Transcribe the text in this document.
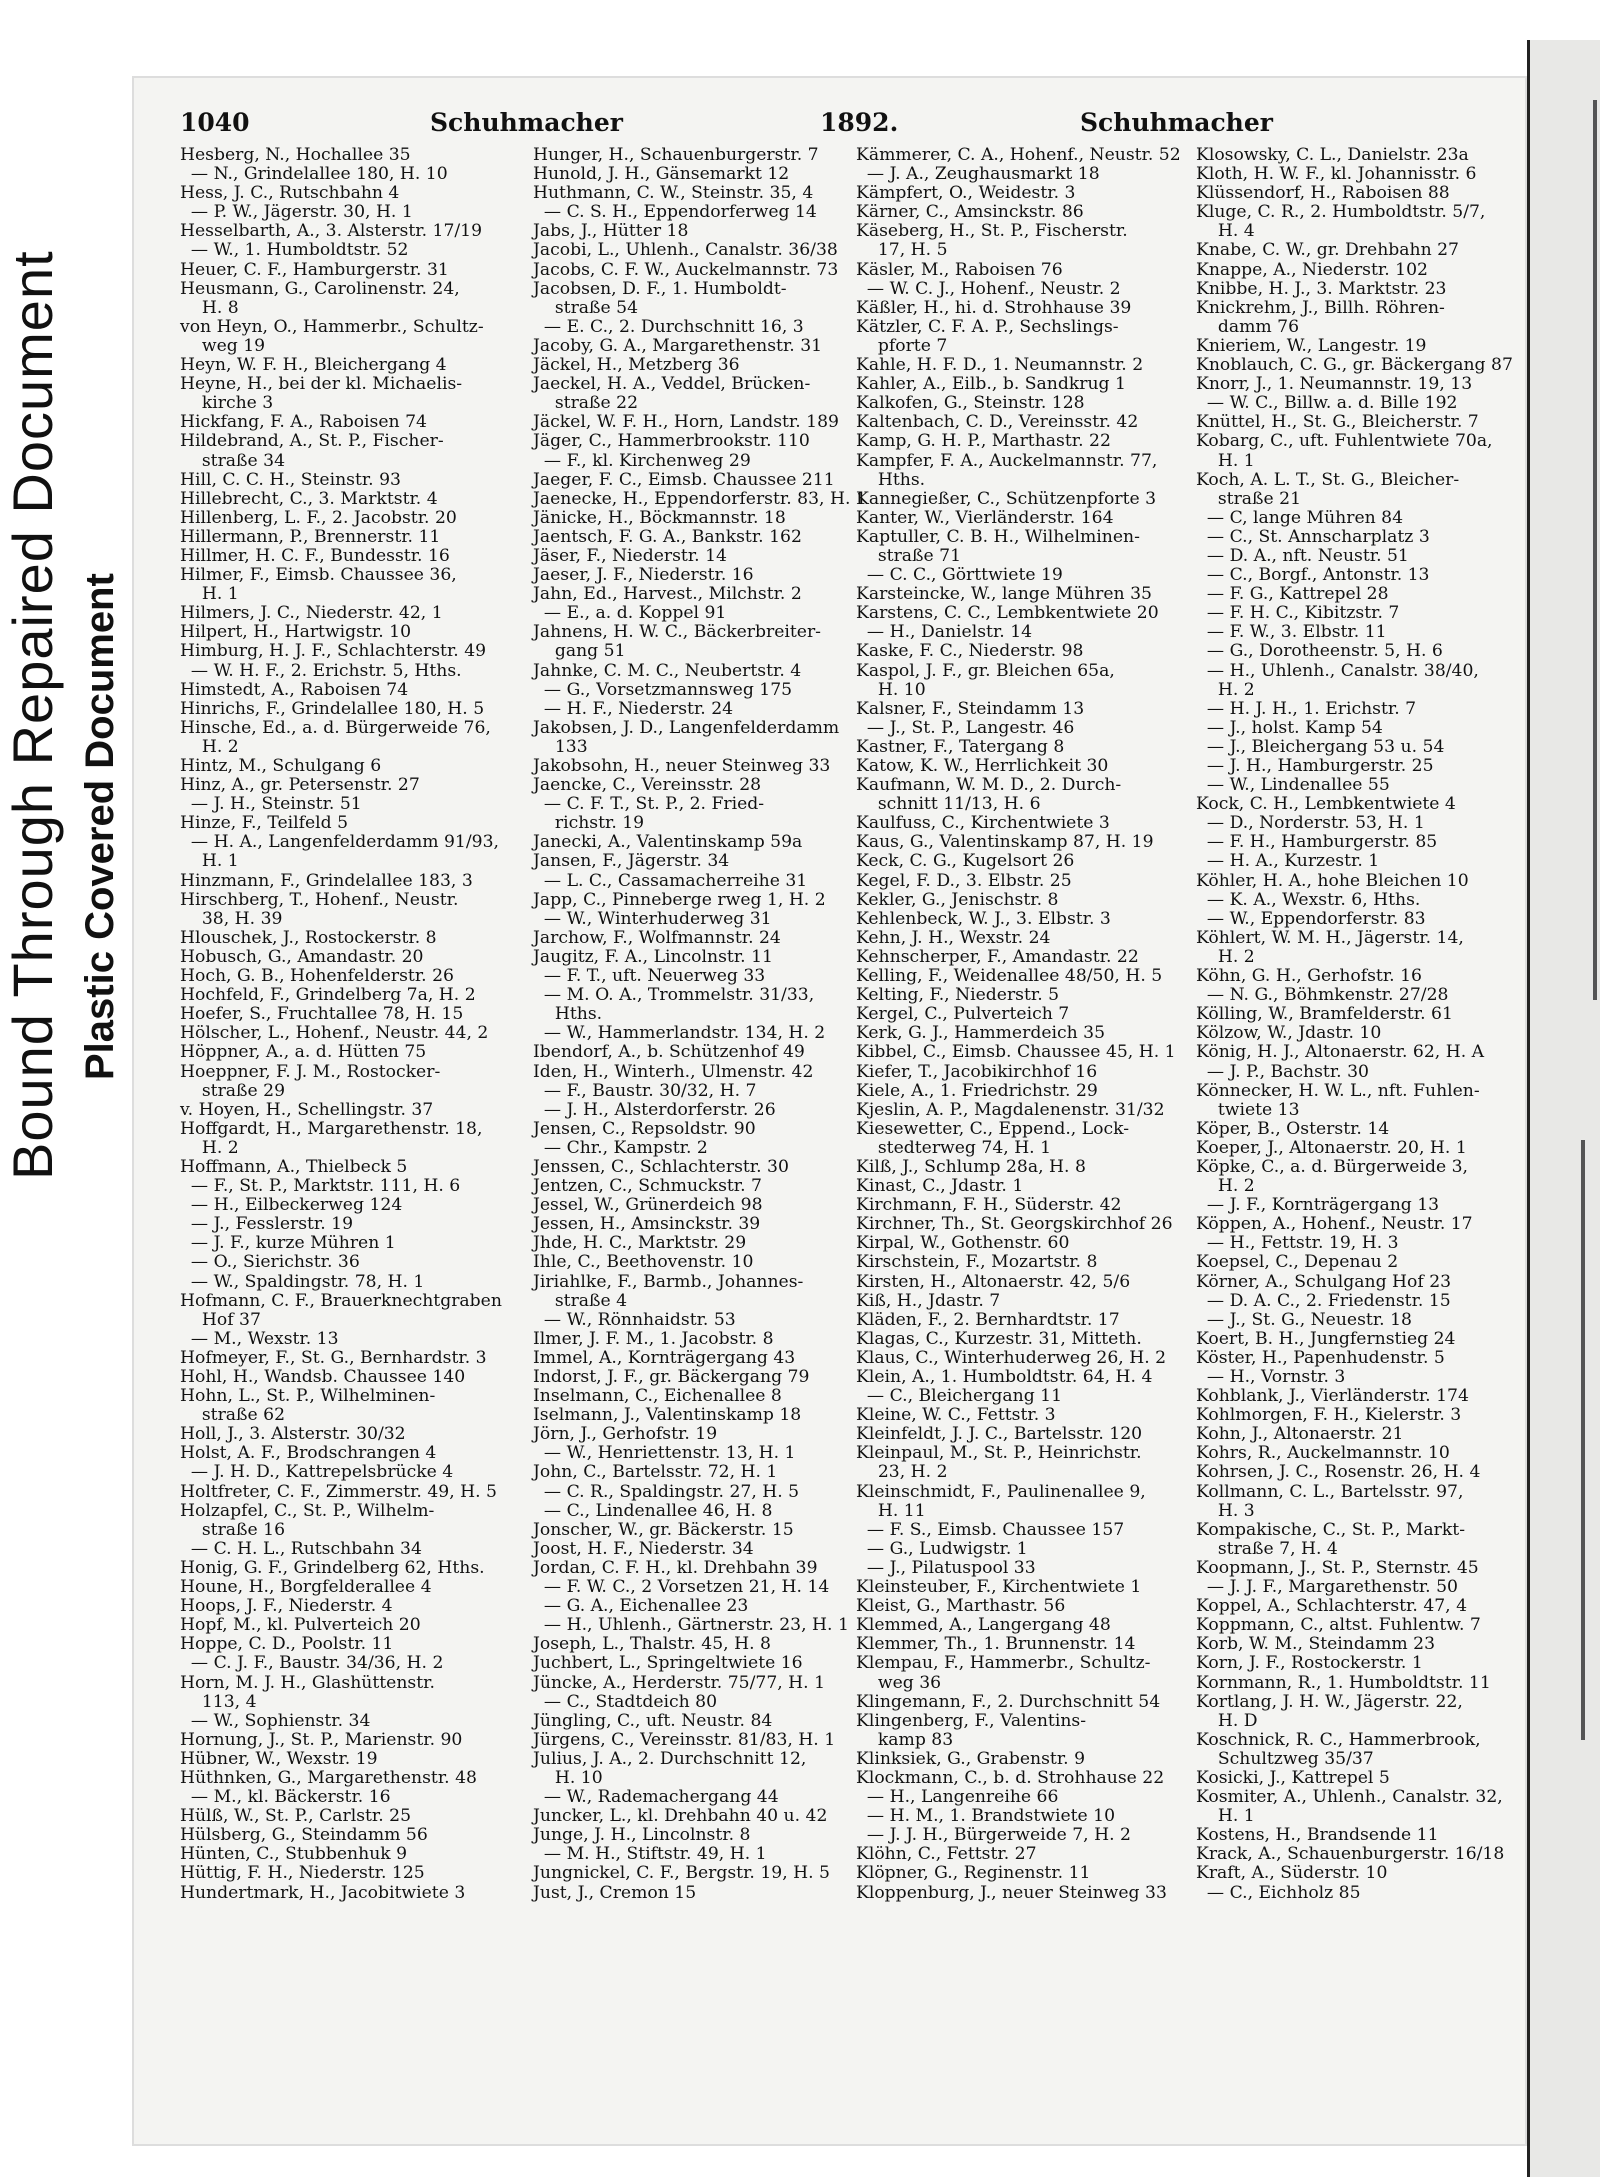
Bound Through Repaired Document Plastic Covered Document
1040	Schuhmacher	1892.	Schuhmacher
Hesberg, N., Hochallee 35
— N., Grindelallee 180, H. 10
Hess, J. C., Rutschbahn 4
— P. W., Jägerstr. 30, H. 1
Hesselbarth, A., 3. Alsterstr. 17/19
— W., 1. Humboldtstr. 52
Heuer, C. F., Hamburgerstr. 31
Heusmann, G., Carolinenstr. 24,
H. 8
von Heyn, O., Hammerbr., Schultz-
weg 19
Heyn, W. F. H., Bleichergang 4
Heyne, H., bei der kl. Michaelis-
kirche 3
Hickfang, F. A., Raboisen 74
Hildebrand, A., St. P., Fischer-
straße 34
Hill, C. C. H., Steinstr. 93
Hillebrecht, C., 3. Marktstr. 4
Hillenberg, L. F., 2. Jacobstr. 20
Hillermann, P., Brennerstr. 11
Hillmer, H. C. F., Bundesstr. 16
Hilmer, F., Eimsb. Chaussee 36,
H. 1
Hilmers, J. C., Niederstr. 42, 1
Hilpert, H., Hartwigstr. 10
Himburg, H. J. F., Schlachterstr. 49
— W. H. F., 2. Erichstr. 5, Hths.
Himstedt, A., Raboisen 74
Hinrichs, F., Grindelallee 180, H. 5
Hinsche, Ed., a. d. Bürgerweide 76,
H. 2
Hintz, M., Schulgang 6
Hinz, A., gr. Petersenstr. 27
— J. H., Steinstr. 51
Hinze, F., Teilfeld 5
— H. A., Langenfelderdamm 91/93,
H. 1
Hinzmann, F., Grindelallee 183, 3
Hirschberg, T., Hohenf., Neustr.
38, H. 39
Hlouschek, J., Rostockerstr. 8
Hobusch, G., Amandastr. 20
Hoch, G. B., Hohenfelderstr. 26
Hochfeld, F., Grindelberg 7a, H. 2
Hoefer, S., Fruchtallee 78, H. 15
Hölscher, L., Hohenf., Neustr. 44, 2
Höppner, A., a. d. Hütten 75
Hoeppner, F. J. M., Rostocker-
straße 29
v. Hoyen, H., Schellingstr. 37
Hoffgardt, H., Margarethenstr. 18,
H. 2
Hoffmann, A., Thielbeck 5
— F., St. P., Marktstr. 111, H. 6
— H., Eilbeckerweg 124
— J., Fesslerstr. 19
— J. F., kurze Mühren 1
— O., Sierichstr. 36
— W., Spaldingstr. 78, H. 1
Hofmann, C. F., Brauerknechtgraben
Hof 37
— M., Wexstr. 13
Hofmeyer, F., St. G., Bernhardstr. 3
Hohl, H., Wandsb. Chaussee 140
Hohn, L., St. P., Wilhelminen-
straße 62
Holl, J., 3. Alsterstr. 30/32
Holst, A. F., Brodschrangen 4
— J. H. D., Kattrepelsbrücke 4
Holtfreter, C. F., Zimmerstr. 49, H. 5
Holzapfel, C., St. P., Wilhelm-
straße 16
— C. H. L., Rutschbahn 34
Honig, G. F., Grindelberg 62, Hths.
Houne, H., Borgfelderallee 4
Hoops, J. F., Niederstr. 4
Hopf, M., kl. Pulverteich 20
Hoppe, C. D., Poolstr. 11
— C. J. F., Baustr. 34/36, H. 2
Horn, M. J. H., Glashüttenstr.
113, 4
— W., Sophienstr. 34
Hornung, J., St. P., Marienstr. 90
Hübner, W., Wexstr. 19
Hüthnken, G., Margarethenstr. 48
— M., kl. Bäckerstr. 16
Hülß, W., St. P., Carlstr. 25
Hülsberg, G., Steindamm 56
Hünten, C., Stubbenhuk 9
Hüttig, F. H., Niederstr. 125
Hundertmark, H., Jacobitwiete 3
Hunger, H., Schauenburgerstr. 7
Hunold, J. H., Gänsemarkt 12
Huthmann, C. W., Steinstr. 35, 4
— C. S. H., Eppendorferweg 14
Jabs, J., Hütter 18
Jacobi, L., Uhlenh., Canalstr. 36/38
Jacobs, C. F. W., Auckelmannstr. 73
Jacobsen, D. F., 1. Humboldt-
straße 54
— E. C., 2. Durchschnitt 16, 3
Jacoby, G. A., Margarethenstr. 31
Jäckel, H., Metzberg 36
Jaeckel, H. A., Veddel, Brücken-
straße 22
Jäckel, W. F. H., Horn, Landstr. 189
Jäger, C., Hammerbrookstr. 110
— F., kl. Kirchenweg 29
Jaeger, F. C., Eimsb. Chaussee 211
Jaenecke, H., Eppendorferstr. 83, H. 1
Jänicke, H., Böckmannstr. 18
Jaentsch, F. G. A., Bankstr. 162
Jäser, F., Niederstr. 14
Jaeser, J. F., Niederstr. 16
Jahn, Ed., Harvest., Milchstr. 2
— E., a. d. Koppel 91
Jahnens, H. W. C., Bäckerbreiter-
gang 51
Jahnke, C. M. C., Neubertstr. 4
— G., Vorsetzmannsweg 175
— H. F., Niederstr. 24
Jakobsen, J. D., Langenfelderdamm
133
Jakobsohn, H., neuer Steinweg 33
Jaencke, C., Vereinsstr. 28
— C. F. T., St. P., 2. Fried-
richstr. 19
Janecki, A., Valentinskamp 59a
Jansen, F., Jägerstr. 34
— L. C., Cassamacherreihe 31
Japp, C., Pinneberge rweg 1, H. 2
— W., Winterhuderweg 31
Jarchow, F., Wolfmannstr. 24
Jaugitz, F. A., Lincolnstr. 11
— F. T., uft. Neuerweg 33
— M. O. A., Trommelstr. 31/33,
Hths.
— W., Hammerlandstr. 134, H. 2
Ibendorf, A., b. Schützenhof 49
Iden, H., Winterh., Ulmenstr. 42
— F., Baustr. 30/32, H. 7
— J. H., Alsterdorferstr. 26
Jensen, C., Repsoldstr. 90
— Chr., Kampstr. 2
Jenssen, C., Schlachterstr. 30
Jentzen, C., Schmuckstr. 7
Jessel, W., Grünerdeich 98
Jessen, H., Amsinckstr. 39
Jhde, H. C., Marktstr. 29
Ihle, C., Beethovenstr. 10
Jiriahlke, F., Barmb., Johannes-
straße 4
— W., Rönnhaidstr. 53
Ilmer, J. F. M., 1. Jacobstr. 8
Immel, A., Kornträgergang 43
Indorst, J. F., gr. Bäckergang 79
Inselmann, C., Eichenallee 8
Iselmann, J., Valentinskamp 18
Jörn, J., Gerhofstr. 19
— W., Henriettenstr. 13, H. 1
John, C., Bartelsstr. 72, H. 1
— C. R., Spaldingstr. 27, H. 5
— C., Lindenallee 46, H. 8
Jonscher, W., gr. Bäckerstr. 15
Joost, H. F., Niederstr. 34
Jordan, C. F. H., kl. Drehbahn 39
— F. W. C., 2 Vorsetzen 21, H. 14
— G. A., Eichenallee 23
— H., Uhlenh., Gärtnerstr. 23, H. 1
Joseph, L., Thalstr. 45, H. 8
Juchbert, L., Springeltwiete 16
Jüncke, A., Herderstr. 75/77, H. 1
— C., Stadtdeich 80
Jüngling, C., uft. Neustr. 84
Jürgens, C., Vereinsstr. 81/83, H. 1
Julius, J. A., 2. Durchschnitt 12,
H. 10
— W., Rademachergang 44
Juncker, L., kl. Drehbahn 40 u. 42
Junge, J. H., Lincolnstr. 8
— M. H., Stiftstr. 49, H. 1
Jungnickel, C. F., Bergstr. 19, H. 5
Just, J., Cremon 15
Kämmerer, C. A., Hohenf., Neustr. 52
— J. A., Zeughausmarkt 18
Kämpfert, O., Weidestr. 3
Kärner, C., Amsinckstr. 86
Käseberg, H., St. P., Fischerstr.
17, H. 5
Käsler, M., Raboisen 76
— W. C. J., Hohenf., Neustr. 2
Käßler, H., hi. d. Strohhause 39
Kätzler, C. F. A. P., Sechslings-
pforte 7
Kahle, H. F. D., 1. Neumannstr. 2
Kahler, A., Eilb., b. Sandkrug 1
Kalkofen, G., Steinstr. 128
Kaltenbach, C. D., Vereinsstr. 42
Kamp, G. H. P., Marthastr. 22
Kampfer, F. A., Auckelmannstr. 77,
Hths.
Kannegießer, C., Schützenpforte 3
Kanter, W., Vierländerstr. 164
Kaptuller, C. B. H., Wilhelminen-
straße 71
— C. C., Görttwiete 19
Karsteincke, W., lange Mühren 35
Karstens, C. C., Lembkentwiete 20
— H., Danielstr. 14
Kaske, F. C., Niederstr. 98
Kaspol, J. F., gr. Bleichen 65a,
H. 10
Kalsner, F., Steindamm 13
— J., St. P., Langestr. 46
Kastner, F., Tatergang 8
Katow, K. W., Herrlichkeit 30
Kaufmann, W. M. D., 2. Durch-
schnitt 11/13, H. 6
Kaulfuss, C., Kirchentwiete 3
Kaus, G., Valentinskamp 87, H. 19
Keck, C. G., Kugelsort 26
Kegel, F. D., 3. Elbstr. 25
Kekler, G., Jenischstr. 8
Kehlenbeck, W. J., 3. Elbstr. 3
Kehn, J. H., Wexstr. 24
Kehnscherper, F., Amandastr. 22
Kelling, F., Weidenallee 48/50, H. 5
Kelting, F., Niederstr. 5
Kergel, C., Pulverteich 7
Kerk, G. J., Hammerdeich 35
Kibbel, C., Eimsb. Chaussee 45, H. 1
Kiefer, T., Jacobikirchhof 16
Kiele, A., 1. Friedrichstr. 29
Kjeslin, A. P., Magdalenenstr. 31/32
Kiesewetter, C., Eppend., Lock-
stedterweg 74, H. 1
Kilß, J., Schlump 28a, H. 8
Kinast, C., Jdastr. 1
Kirchmann, F. H., Süderstr. 42
Kirchner, Th., St. Georgskirchhof 26
Kirpal, W., Gothenstr. 60
Kirschstein, F., Mozartstr. 8
Kirsten, H., Altonaerstr. 42, 5/6
Kiß, H., Jdastr. 7
Kläden, F., 2. Bernhardtstr. 17
Klagas, C., Kurzestr. 31, Mitteth.
Klaus, C., Winterhuderweg 26, H. 2
Klein, A., 1. Humboldtstr. 64, H. 4
— C., Bleichergang 11
Kleine, W. C., Fettstr. 3
Kleinfeldt, J. J. C., Bartelsstr. 120
Kleinpaul, M., St. P., Heinrichstr.
23, H. 2
Kleinschmidt, F., Paulinenallee 9,
H. 11
— F. S., Eimsb. Chaussee 157
— G., Ludwigstr. 1
— J., Pilatuspool 33
Kleinsteuber, F., Kirchentwiete 1
Kleist, G., Marthastr. 56
Klemmed, A., Langergang 48
Klemmer, Th., 1. Brunnenstr. 14
Klempau, F., Hammerbr., Schultz-
weg 36
Klingemann, F., 2. Durchschnitt 54
Klingenberg, F., Valentins-
kamp 83
Klinksiek, G., Grabenstr. 9
Klockmann, C., b. d. Strohhause 22
— H., Langenreihe 66
— H. M., 1. Brandstwiete 10
— J. J. H., Bürgerweide 7, H. 2
Klöhn, C., Fettstr. 27
Klöpner, G., Reginenstr. 11
Kloppenburg, J., neuer Steinweg 33
Klosowsky, C. L., Danielstr. 23a
Kloth, H. W. F., kl. Johannisstr. 6
Klüssendorf, H., Raboisen 88
Kluge, C. R., 2. Humboldtstr. 5/7,
H. 4
Knabe, C. W., gr. Drehbahn 27
Knappe, A., Niederstr. 102
Knibbe, H. J., 3. Marktstr. 23
Knickrehm, J., Billh. Röhren-
damm 76
Knieriem, W., Langestr. 19
Knoblauch, C. G., gr. Bäckergang 87
Knorr, J., 1. Neumannstr. 19, 13
— W. C., Billw. a. d. Bille 192
Knüttel, H., St. G., Bleicherstr. 7
Kobarg, C., uft. Fuhlentwiete 70a,
H. 1
Koch, A. L. T., St. G., Bleicher-
straße 21
— C, lange Mühren 84
— C., St. Annscharplatz 3
— D. A., nft. Neustr. 51
— C., Borgf., Antonstr. 13
— F. G., Kattrepel 28
— F. H. C., Kibitzstr. 7
— F. W., 3. Elbstr. 11
— G., Dorotheenstr. 5, H. 6
— H., Uhlenh., Canalstr. 38/40,
H. 2
— H. J. H., 1. Erichstr. 7
— J., holst. Kamp 54
— J., Bleichergang 53 u. 54
— J. H., Hamburgerstr. 25
— W., Lindenallee 55
Kock, C. H., Lembkentwiete 4
— D., Norderstr. 53, H. 1
— F. H., Hamburgerstr. 85
— H. A., Kurzestr. 1
Köhler, H. A., hohe Bleichen 10
— K. A., Wexstr. 6, Hths.
— W., Eppendorferstr. 83
Köhlert, W. M. H., Jägerstr. 14,
H. 2
Köhn, G. H., Gerhofstr. 16
— N. G., Böhmkenstr. 27/28
Kölling, W., Bramfelderstr. 61
Kölzow, W., Jdastr. 10
König, H. J., Altonaerstr. 62, H. A
— J. P., Bachstr. 30
Könnecker, H. W. L., nft. Fuhlen-
twiete 13
Köper, B., Osterstr. 14
Koeper, J., Altonaerstr. 20, H. 1
Köpke, C., a. d. Bürgerweide 3,
H. 2
— J. F., Kornträgergang 13
Köppen, A., Hohenf., Neustr. 17
— H., Fettstr. 19, H. 3
Koepsel, C., Depenau 2
Körner, A., Schulgang Hof 23
— D. A. C., 2. Friedenstr. 15
— J., St. G., Neuestr. 18
Koert, B. H., Jungfernstieg 24
Köster, H., Papenhudenstr. 5
— H., Vornstr. 3
Kohblank, J., Vierländerstr. 174
Kohlmorgen, F. H., Kielerstr. 3
Kohn, J., Altonaerstr. 21
Kohrs, R., Auckelmannstr. 10
Kohrsen, J. C., Rosenstr. 26, H. 4
Kollmann, C. L., Bartelsstr. 97,
H. 3
Kompakische, C., St. P., Markt-
straße 7, H. 4
Koopmann, J., St. P., Sternstr. 45
— J. J. F., Margarethenstr. 50
Koppel, A., Schlachterstr. 47, 4
Koppmann, C., altst. Fuhlentw. 7
Korb, W. M., Steindamm 23
Korn, J. F., Rostockerstr. 1
Kornmann, R., 1. Humboldtstr. 11
Kortlang, J. H. W., Jägerstr. 22,
H. D
Koschnick, R. C., Hammerbrook,
Schultzweg 35/37
Kosicki, J., Kattrepel 5
Kosmiter, A., Uhlenh., Canalstr. 32,
H. 1
Kostens, H., Brandsende 11
Krack, A., Schauenburgerstr. 16/18
Kraft, A., Süderstr. 10
— C., Eichholz 85
